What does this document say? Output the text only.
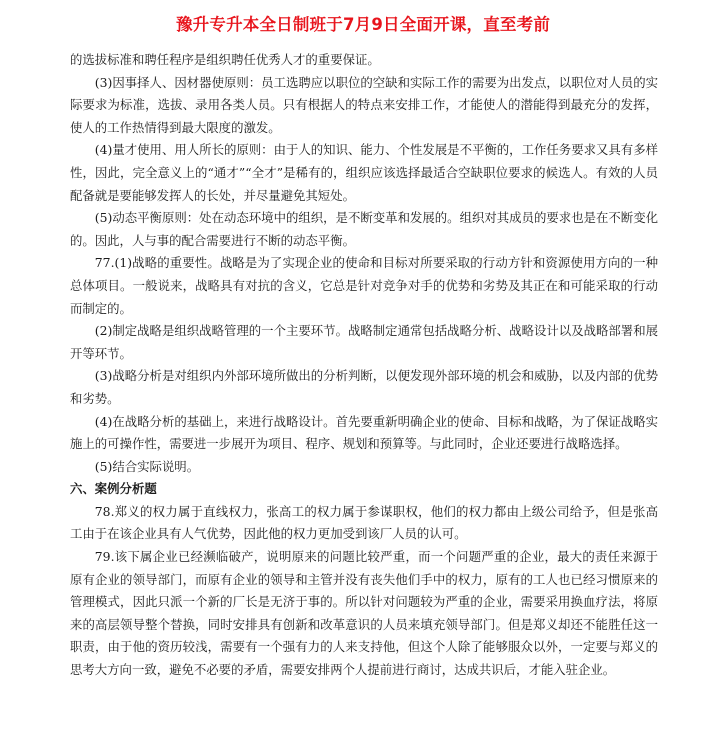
豫升专升本全日制班于7月9日全面开课，直至考前

的选拔标准和聘任程序是组织聘任优秀人才的重要保证。

(3)因事择人、因材器使原则：员工选聘应以职位的空缺和实际工作的需要为出发点，以职位对人员的实际要求为标准，选拔、录用各类人员。只有根据人的特点来安排工作，才能使人的潜能得到最充分的发挥，使人的工作热情得到最大限度的激发。

(4)量才使用、用人所长的原则：由于人的知识、能力、个性发展是不平衡的，工作任务要求又具有多样性，因此，完全意义上的“通才”“全才”是稀有的，组织应该选择最适合空缺职位要求的候选人。有效的人员配备就是要能够发挥人的长处，并尽量避免其短处。

(5)动态平衡原则：处在动态环境中的组织，是不断变革和发展的。组织对其成员的要求也是在不断变化的。因此，人与事的配合需要进行不断的动态平衡。

77.(1)战略的重要性。战略是为了实现企业的使命和目标对所要采取的行动方针和资源使用方向的一种总体项目。一般说来，战略具有对抗的含义，它总是针对竞争对手的优势和劣势及其正在和可能采取的行动而制定的。

(2)制定战略是组织战略管理的一个主要环节。战略制定通常包括战略分析、战略设计以及战略部署和展开等环节。

(3)战略分析是对组织内外部环境所做出的分析判断，以便发现外部环境的机会和威胁，以及内部的优势和劣势。

(4)在战略分析的基础上，来进行战略设计。首先要重新明确企业的使命、目标和战略，为了保证战略实施上的可操作性，需要进一步展开为项目、程序、规划和预算等。与此同时，企业还要进行战略选择。

(5)结合实际说明。

六、案例分析题

78.郑义的权力属于直线权力，张高工的权力属于参谋职权，他们的权力都由上级公司给予，但是张高工由于在该企业具有人气优势，因此他的权力更加受到该厂人员的认可。

79.该下属企业已经濒临破产，说明原来的问题比较严重，而一个问题严重的企业，最大的责任来源于原有企业的领导部门，而原有企业的领导和主管并没有丧失他们手中的权力，原有的工人也已经习惯原来的管理模式，因此只派一个新的厂长是无济于事的。所以针对问题较为严重的企业，需要采用换血疗法，将原来的高层领导整个替换，同时安排具有创新和改革意识的人员来填充领导部门。但是郑义却还不能胜任这一职责，由于他的资历较浅，需要有一个强有力的人来支持他，但这个人除了能够服众以外，一定要与郑义的思考大方向一致，避免不必要的矛盾，需要安排两个人提前进行商讨，达成共识后，才能入驻企业。
